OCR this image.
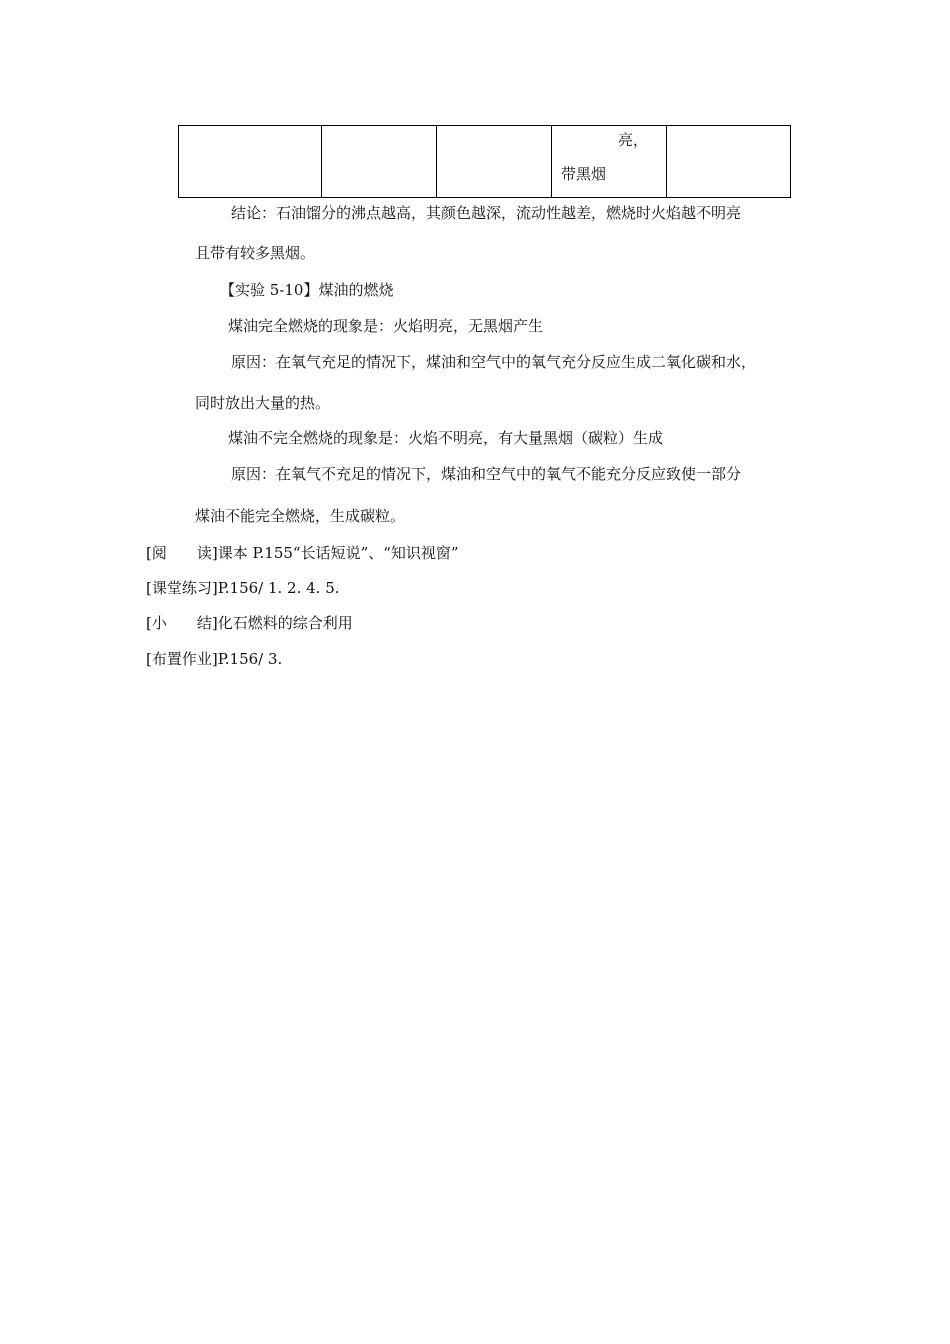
亮，
带黑烟

结论：石油馏分的沸点越高，其颜色越深，流动性越差，燃烧时火焰越不明亮
且带有较多黑烟。
【实验 5-10】煤油的燃烧
煤油完全燃烧的现象是：火焰明亮，无黑烟产生
原因：在氧气充足的情况下，煤油和空气中的氧气充分反应生成二氧化碳和水，
同时放出大量的热。
煤油不完全燃烧的现象是：火焰不明亮，有大量黑烟（碳粒）生成
原因：在氧气不充足的情况下，煤油和空气中的氧气不能充分反应致使一部分
煤油不能完全燃烧，生成碳粒。
[阅　　读]课本 P.155“长话短说”、“知识视窗”
[课堂练习]P.156/ 1. 2. 4. 5.
[小　　结]化石燃料的综合利用
[布置作业]P.156/ 3.
